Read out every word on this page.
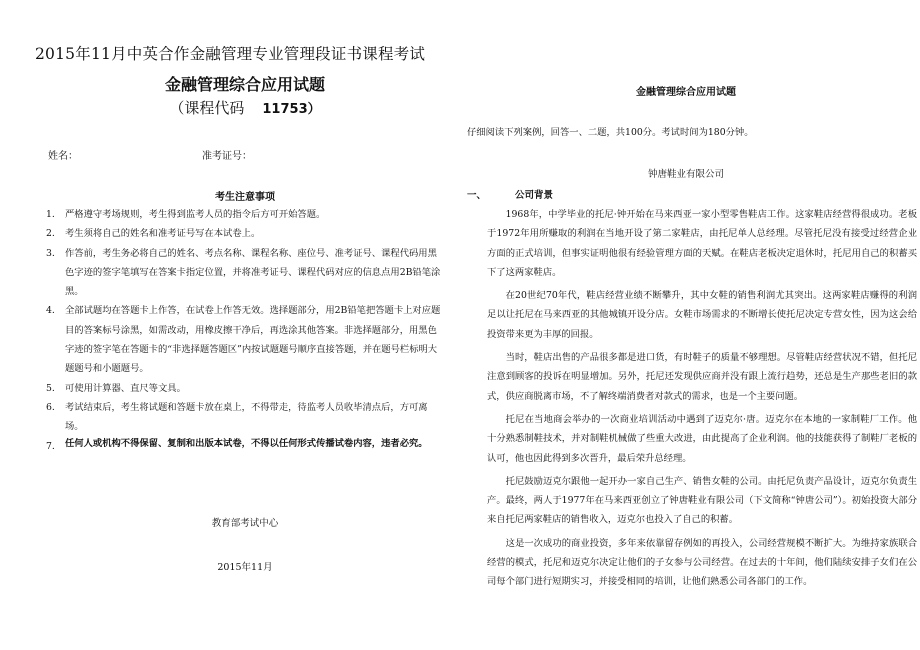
2015年11月中英合作金融管理专业管理段证书课程考试
金融管理综合应用试题
（课程代码 11753）
姓名：	准考证号：
考生注意事项
1. 严格遵守考场规则，考生得到监考人员的指令后方可开始答题。
2. 考生须将自己的姓名和准考证号写在本试卷上。
3. 作答前，考生务必将自己的姓名、考点名称、课程名称、座位号、准考证号、课程代码用黑色字迹的签字笔填写在答案卡指定位置，并将准考证号、课程代码对应的信息点用2B铅笔涂黑。
4. 全部试题均在答题卡上作答，在试卷上作答无效。选择题部分，用2B铅笔把答题卡上对应题目的答案标号涂黑，如需改动，用橡皮擦干净后，再选涂其他答案。非选择题部分，用黑色字迹的签字笔在答题卡的“非选择题答题区”内按试题题号顺序直接答题，并在题号栏标明大题题号和小题题号。
5. 可使用计算器、直尺等文具。
6. 考试结束后，考生将试题和答题卡放在桌上，不得带走，待监考人员收毕清点后，方可离场。
7.
任何人或机构不得保留、复制和出版本试卷，不得以任何形式传播试卷内容，违者必究。
教育部考试中心
2015年11月
金融管理综合应用试题
仔细阅读下列案例，回答一、二题，共100分。考试时间为180分钟。
钟唐鞋业有限公司
一、	公司背景

1968年，中学毕业的托尼·钟开始在马来西亚一家小型零售鞋店工作。这家鞋店经营得很成功。老板于1972年用所赚取的利润在当地开设了第二家鞋店，由托尼单人总经理。尽管托尼没有接受过经营企业方面的正式培训，但事实证明他很有经验管理方面的天赋。在鞋店老板决定退休时，托尼用自己的积蓄买下了这两家鞋店。

在20世纪70年代，鞋店经营业绩不断攀升，其中女鞋的销售利润尤其突出。这两家鞋店赚得的利润足以让托尼在马来西亚的其他城镇开设分店。女鞋市场需求的不断增长使托尼决定专营女性，因为这会给投资带来更为丰厚的回报。

当时，鞋店出售的产品很多都是进口货，有时鞋子的质量不够理想。尽管鞋店经营状况不错，但托尼注意到顾客的投诉在明显增加。另外，托尼还发现供应商并没有跟上流行趋势，还总是生产那些老旧的款式，供应商脱离市场，不了解终端消费者对款式的需求，也是一个主要问题。

托尼在当地商会举办的一次商业培训活动中遇到了迈克尔·唐。迈克尔在本地的一家制鞋厂工作。他十分熟悉制鞋技术，并对制鞋机械做了些重大改进，由此提高了企业利润。他的技能获得了制鞋厂老板的认可，他也因此得到多次晋升，最后荣升总经理。

托尼鼓励迈克尔跟他一起开办一家自己生产、销售女鞋的公司。由托尼负责产品设计，迈克尔负责生产。最终，两人于1977年在马来西亚创立了钟唐鞋业有限公司（下文简称“钟唐公司”）。初始投资大部分来自托尼两家鞋店的销售收入，迈克尔也投入了自己的积蓄。

这是一次成功的商业投资，多年来依靠留存例如的再投入，公司经营规模不断扩大。为维持家族联合经营的模式，托尼和迈克尔决定让他们的子女参与公司经营。在过去的十年间，他们陆续安排子女们在公司每个部门进行短期实习，并接受相同的培训，让他们熟悉公司各部门的工作。
